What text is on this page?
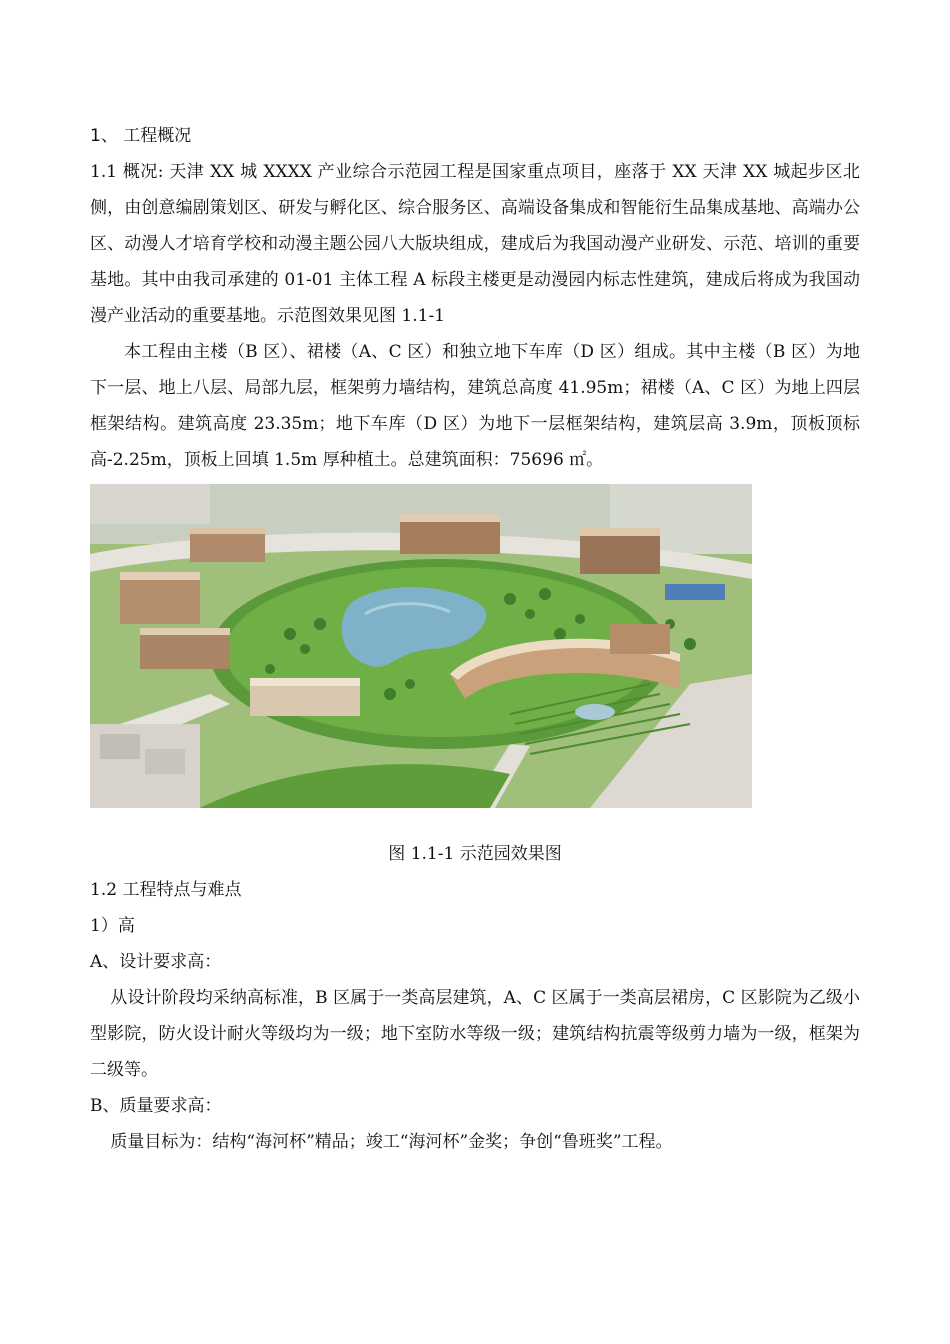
1、 工程概况

1.1 概况: 天津 XX 城 XXXX 产业综合示范园工程是国家重点项目，座落于 XX 天津 XX 城起步区北侧，由创意编剧策划区、研发与孵化区、综合服务区、高端设备集成和智能衍生品集成基地、高端办公区、动漫人才培育学校和动漫主题公园八大版块组成，建成后为我国动漫产业研发、示范、培训的重要基地。其中由我司承建的 01-01 主体工程 A 标段主楼更是动漫园内标志性建筑，建成后将成为我国动漫产业活动的重要基地。示范图效果见图 1.1-1

本工程由主楼（B 区）、裙楼（A、C 区）和独立地下车库（D 区）组成。其中主楼（B 区）为地下一层、地上八层、局部九层，框架剪力墙结构，建筑总高度 41.95m；裙楼（A、C 区）为地上四层框架结构。建筑高度 23.35m；地下车库（D 区）为地下一层框架结构，建筑层高 3.9m，顶板顶标高-2.25m，顶板上回填 1.5m 厚种植土。总建筑面积：75696 ㎡。

图 1.1-1 示范园效果图
1.2 工程特点与难点
1）高
A、设计要求高：

从设计阶段均采纳高标准，B 区属于一类高层建筑，A、C 区属于一类高层裙房，C 区影院为乙级小型影院，防火设计耐火等级均为一级；地下室防水等级一级；建筑结构抗震等级剪力墙为一级，框架为二级等。

B、质量要求高：

质量目标为：结构“海河杯”精品；竣工“海河杯”金奖；争创“鲁班奖”工程。
